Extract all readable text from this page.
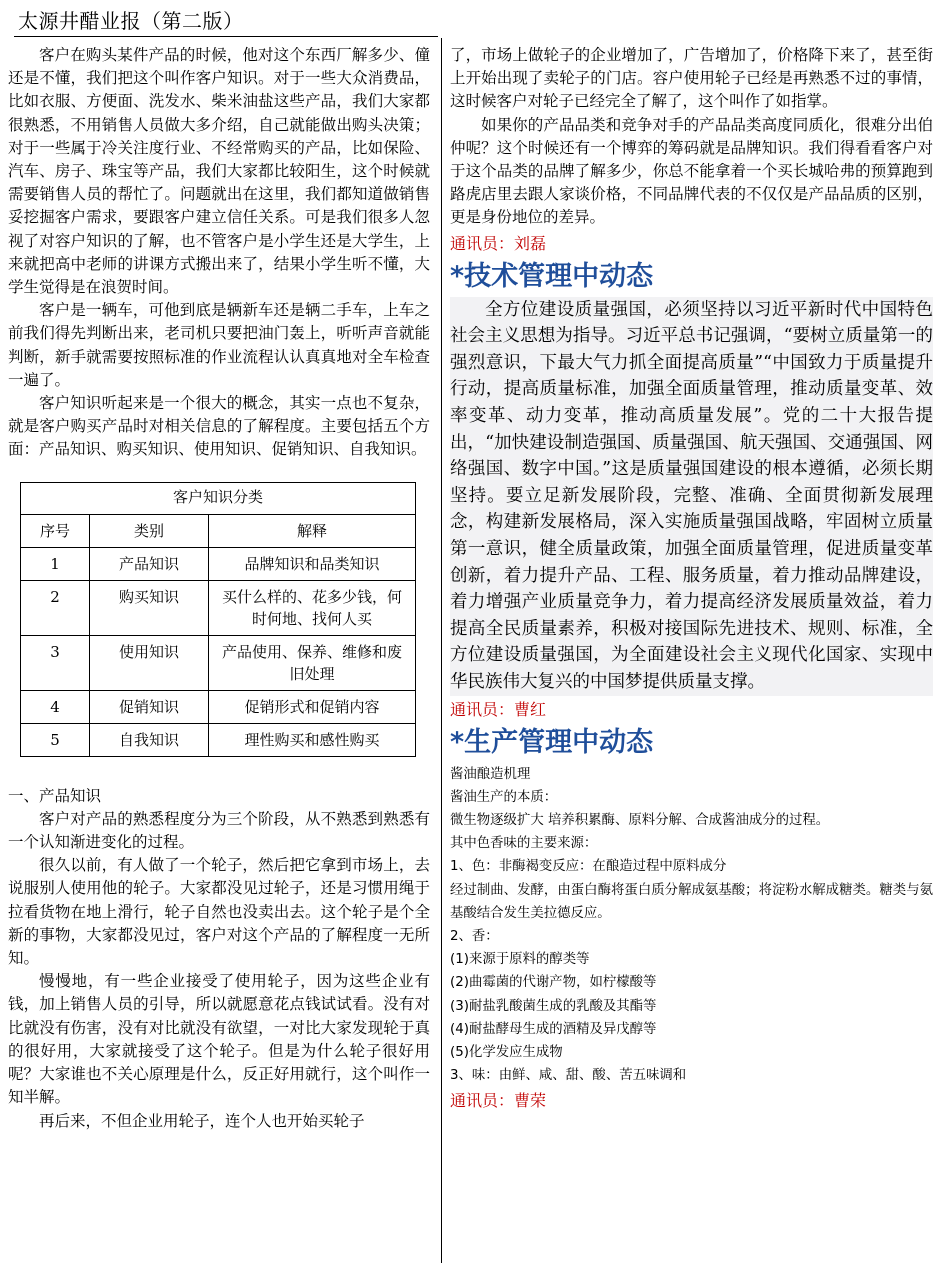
太源井醋业报（第二版）

客户在购头某件产品的时候，他对这个东西厂解多少、僮还是不懂，我们把这个叫作客户知识。对于一些大众消费品，比如衣服、方便面、洗发水、柴米油盐这些产品，我们大家都很熟悉，不用销售人员做大多介绍，自己就能做出购头决策；对于一些属于冷关注度行业、不经常购买的产品，比如保险、汽车、房子、珠宝等产品，我们大家都比较阳生，这个时候就需要销售人员的帮忙了。问题就出在这里，我们都知道做销售妥挖掘客户需求，要跟客户建立信任关系。可是我们很多人忽视了对容户知识的了解，也不管客户是小学生还是大学生，上来就把高中老师的讲课方式搬出来了，结果小学生听不懂，大学生觉得是在浪贺时间。

客户是一辆车，可他到底是辆新车还是辆二手车，上车之前我们得先判断出来，老司机只要把油门轰上，听听声音就能判断，新手就需要按照标准的作业流程认认真真地对全车检查一遍了。

客户知识听起来是一个很大的概念，其实一点也不复杂，就是客户购买产品时对相关信息的了解程度。主要包括五个方面：产品知识、购买知识、使用知识、促销知识、自我知识。

客户知识分类		
序号	类别	解释
1	产品知识	品牌知识和品类知识
2	购买知识	买什么样的、花多少钱，何时何地、找何人买
3	使用知识	产品使用、保养、维修和废旧处理
4	促销知识	促销形式和促销内容
5	自我知识	理性购买和感性购买

一、产品知识

客户对产品的熟悉程度分为三个阶段，从不熟悉到熟悉有一个认知渐进变化的过程。

很久以前，有人做了一个轮子，然后把它拿到市场上，去说服别人使用他的轮子。大家都没见过轮子，还是习惯用绳于拉看货物在地上滑行，轮子自然也没卖出去。这个轮子是个全新的事物，大家都没见过，客户对这个产品的了解程度一无所知。

慢慢地，有一些企业接受了使用轮子，因为这些企业有钱，加上销售人员的引导，所以就愿意花点钱试试看。没有对比就没有伤害，没有对比就没有欲望，一对比大家发现轮于真的很好用，大家就接受了这个轮子。但是为什么轮子很好用呢？大家谁也不关心原理是什么，反正好用就行，这个叫作一知半解。

再后来，不但企业用轮子，连个人也开始买轮子

了，市场上做轮子的企业增加了，广告增加了，价格降下来了，甚至街上开始出现了卖轮子的门店。容户使用轮子已经是再熟悉不过的事情，这时候客户对轮子已经完全了解了，这个叫作了如指掌。

如果你的产品品类和竞争对手的产品品类高度同质化，很难分出伯仲呢？这个时候还有一个博弈的筹码就是品牌知识。我们得看看客户对于这个品类的品牌了解多少，你总不能拿着一个买长城哈弗的预算跑到路虎店里去跟人家谈价格，不同品牌代表的不仅仅是产品品质的区别，更是身份地位的差异。

通讯员：刘磊
*技术管理中动态

全方位建设质量强国，必须坚持以习近平新时代中国特色社会主义思想为指导。习近平总书记强调，“要树立质量第一的强烈意识，下最大气力抓全面提高质量”“中国致力于质量提升行动，提高质量标准，加强全面质量管理，推动质量变革、效率变革、动力变革，推动高质量发展”。党的二十大报告提出，“加快建设制造强国、质量强国、航天强国、交通强国、网络强国、数字中国。”这是质量强国建设的根本遵循，必须长期坚持。要立足新发展阶段，完整、准确、全面贯彻新发展理念，构建新发展格局，深入实施质量强国战略，牢固树立质量第一意识，健全质量政策，加强全面质量管理，促进质量变革创新，着力提升产品、工程、服务质量，着力推动品牌建设，着力增强产业质量竞争力，着力提高经济发展质量效益，着力提高全民质量素养，积极对接国际先进技术、规则、标准，全方位建设质量强国，为全面建设社会主义现代化国家、实现中华民族伟大复兴的中国梦提供质量支撑。

通讯员：曹红
*生产管理中动态

酱油酿造机理

酱油生产的本质：

微生物逐级扩大 培养积累酶、原料分解、合成酱油成分的过程。

其中色香味的主要来源：

1、色：非酶褐变反应：在酿造过程中原料成分

经过制曲、发酵，由蛋白酶将蛋白质分解成氨基酸；将淀粉水解成糖类。糖类与氨基酸结合发生美拉德反应。

2、香：

(1)来源于原料的醇类等

(2)曲霉菌的代谢产物，如柠檬酸等

(3)耐盐乳酸菌生成的乳酸及其酯等

(4)耐盐酵母生成的酒精及异戊醇等

(5)化学发应生成物

3、味：由鲜、咸、甜、酸、苦五味调和

通讯员：曹荣
